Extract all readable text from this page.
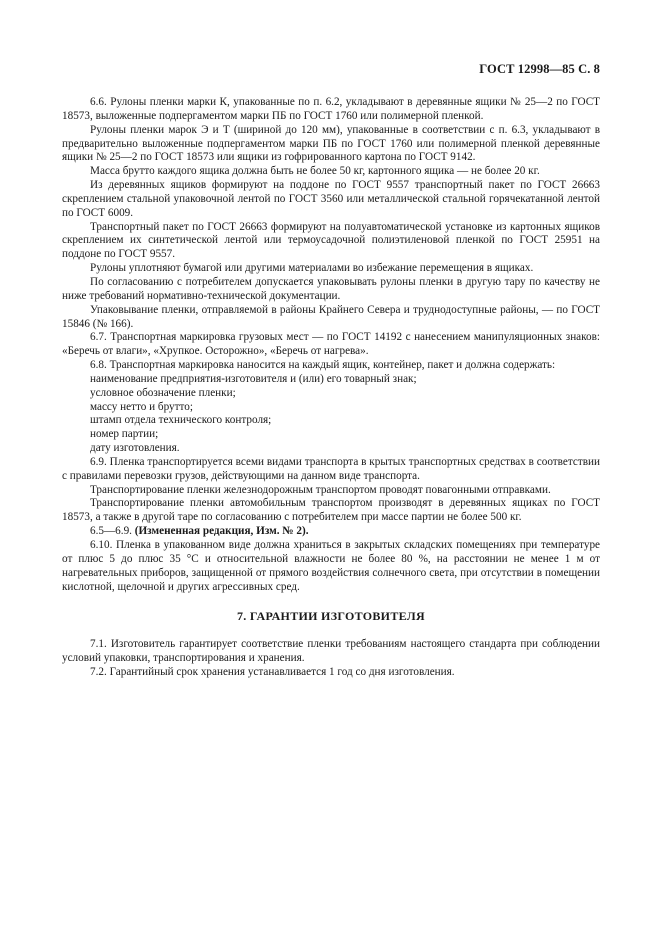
ГОСТ 12998—85 С. 8

6.6. Рулоны пленки марки К, упакованные по п. 6.2, укладывают в деревянные ящики № 25—2 по ГОСТ 18573, выложенные подпергаментом марки ПБ по ГОСТ 1760 или полимерной пленкой.

Рулоны пленки марок Э и Т (шириной до 120 мм), упакованные в соответствии с п. 6.3, укладывают в предварительно выложенные подпергаментом марки ПБ по ГОСТ 1760 или полимерной пленкой деревянные ящики № 25—2 по ГОСТ 18573 или ящики из гофрированного картона по ГОСТ 9142.

Масса брутто каждого ящика должна быть не более 50 кг, картонного ящика — не более 20 кг.

Из деревянных ящиков формируют на поддоне по ГОСТ 9557 транспортный пакет по ГОСТ 26663 скреплением стальной упаковочной лентой по ГОСТ 3560 или металлической стальной горячекатанной лентой по ГОСТ 6009.

Транспортный пакет по ГОСТ 26663 формируют на полуавтоматической установке из картонных ящиков скреплением их синтетической лентой или термоусадочной полиэтиленовой пленкой по ГОСТ 25951 на поддоне по ГОСТ 9557.

Рулоны уплотняют бумагой или другими материалами во избежание перемещения в ящиках.

По согласованию с потребителем допускается упаковывать рулоны пленки в другую тару по качеству не ниже требований нормативно-технической документации.

Упаковывание пленки, отправляемой в районы Крайнего Севера и труднодоступные районы, — по ГОСТ 15846 (№ 166).

6.7. Транспортная маркировка грузовых мест — по ГОСТ 14192 с нанесением манипуляционных знаков: «Беречь от влаги», «Хрупкое. Осторожно», «Беречь от нагрева».

6.8. Транспортная маркировка наносится на каждый ящик, контейнер, пакет и должна содержать:

наименование предприятия-изготовителя и (или) его товарный знак;

условное обозначение пленки;

массу нетто и брутто;

штамп отдела технического контроля;

номер партии;

дату изготовления.

6.9. Пленка транспортируется всеми видами транспорта в крытых транспортных средствах в соответствии с правилами перевозки грузов, действующими на данном виде транспорта.

Транспортирование пленки железнодорожным транспортом проводят повагонными отправками.

Транспортирование пленки автомобильным транспортом производят в деревянных ящиках по ГОСТ 18573, а также в другой таре по согласованию с потребителем при массе партии не более 500 кг.

6.5—6.9. (Измененная редакция, Изм. № 2).

6.10. Пленка в упакованном виде должна храниться в закрытых складских помещениях при температуре от плюс 5 до плюс 35 °С и относительной влажности не более 80 %, на расстоянии не менее 1 м от нагревательных приборов, защищенной от прямого воздействия солнечного света, при отсутствии в помещении кислотной, щелочной и других агрессивных сред.

7. ГАРАНТИИ ИЗГОТОВИТЕЛЯ

7.1. Изготовитель гарантирует соответствие пленки требованиям настоящего стандарта при соблюдении условий упаковки, транспортирования и хранения.

7.2. Гарантийный срок хранения устанавливается 1 год со дня изготовления.
